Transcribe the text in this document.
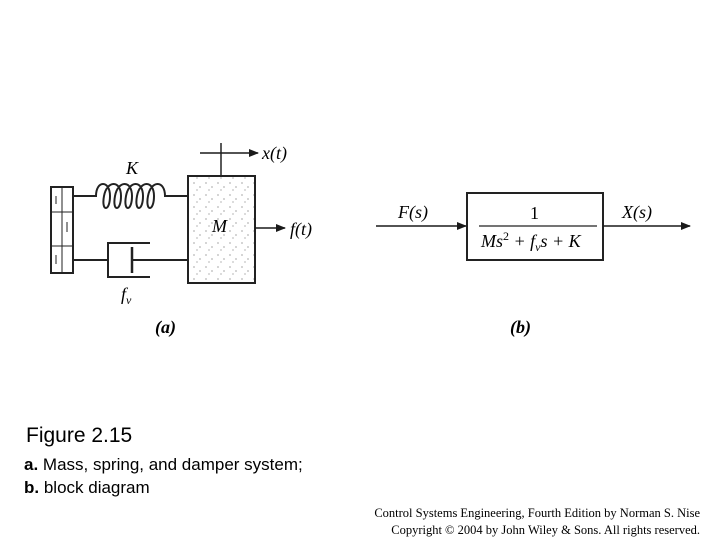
K
M
x(t)
f(t)
$f_v$
(a)
F(s)	X(s)
1
$Ms^2 + f_vs + K$
(b)
Figure 2.15
a. Mass, spring, and damper system;
b. block diagram
Control Systems Engineering, Fourth Edition by Norman S. Nise
Copyright © 2004 by John Wiley & Sons. All rights reserved.
